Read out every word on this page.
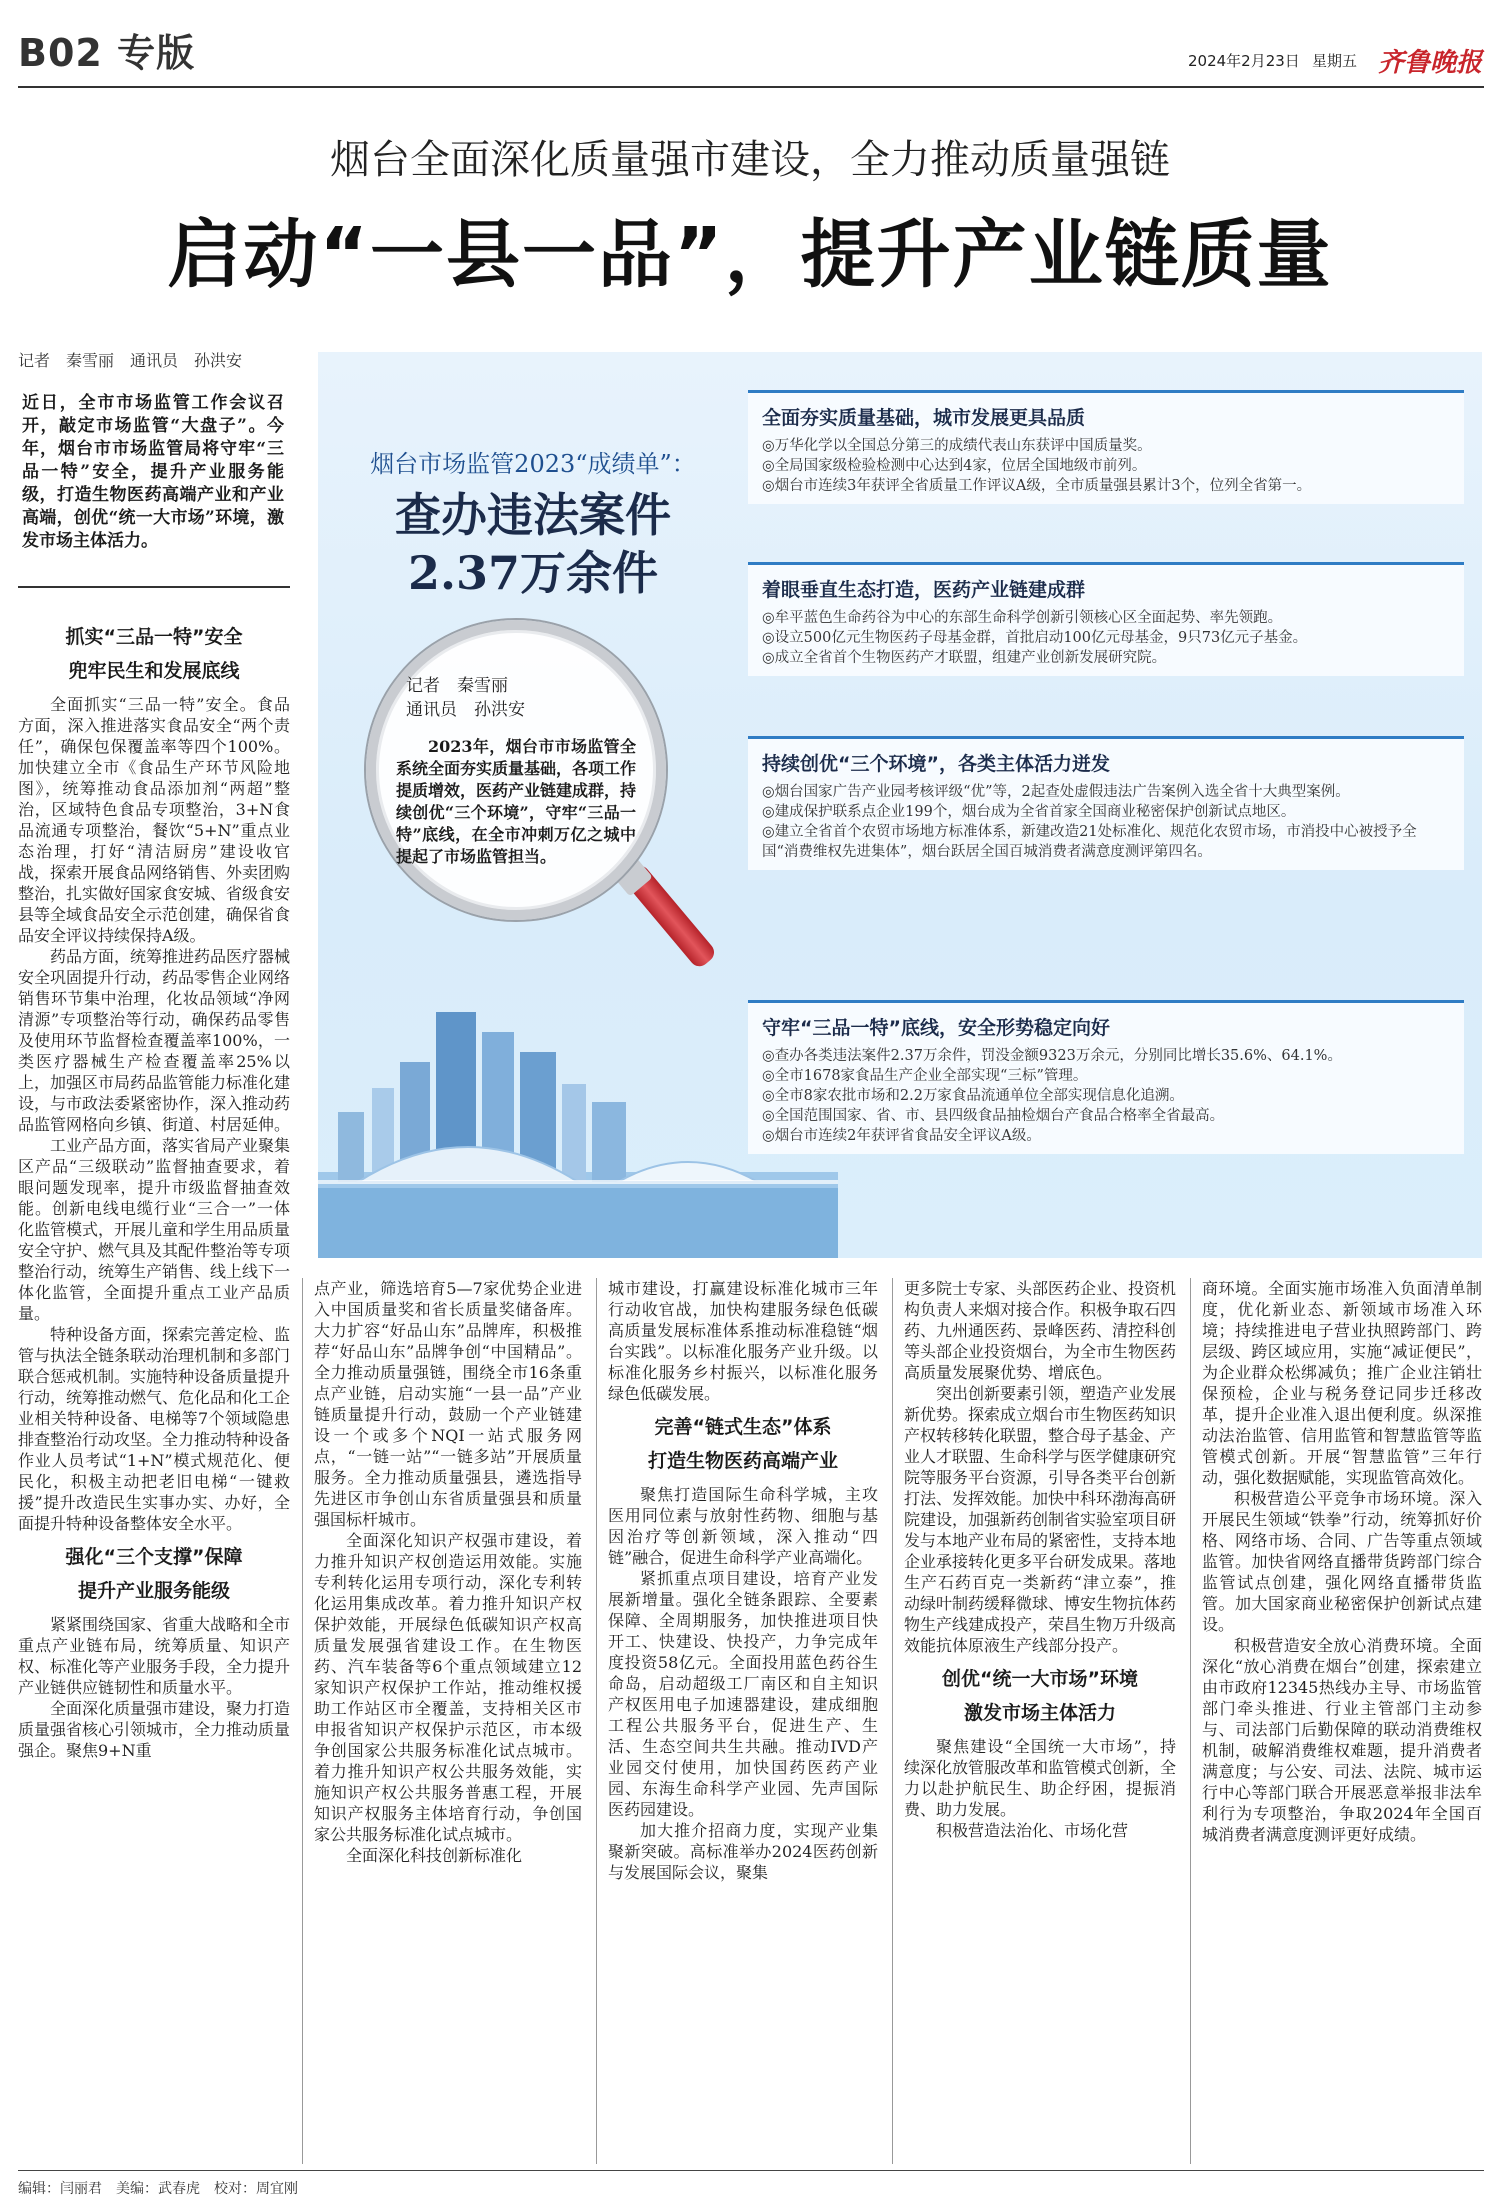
B02 专版	2024年2月23日 星期五 齐鲁晚报
烟台全面深化质量强市建设，全力推动质量强链
启动“一县一品”，提升产业链质量
记者　秦雪丽　通讯员　孙洪安
近日，全市市场监管工作会议召开，敲定市场监管“大盘子”。今年，烟台市市场监管局将守牢“三品一特”安全，提升产业服务能级，打造生物医药高端产业和产业高端，创优“统一大市场”环境，激发市场主体活力。
抓实“三品一特”安全
兜牢民生和发展底线

全面抓实“三品一特”安全。食品方面，深入推进落实食品安全“两个责任”，确保包保覆盖率等四个100%。加快建立全市《食品生产环节风险地图》，统筹推动食品添加剂“两超”整治，区域特色食品专项整治，3+N食品流通专项整治，餐饮“5+N”重点业态治理，打好“清洁厨房”建设收官战，探索开展食品网络销售、外卖团购整治，扎实做好国家食安城、省级食安县等全域食品安全示范创建，确保省食品安全评议持续保持A级。

药品方面，统筹推进药品医疗器械安全巩固提升行动，药品零售企业网络销售环节集中治理，化妆品领域“净网清源”专项整治等行动，确保药品零售及使用环节监督检查覆盖率100%，一类医疗器械生产检查覆盖率25%以上，加强区市局药品监管能力标准化建设，与市政法委紧密协作，深入推动药品监管网格向乡镇、街道、村居延伸。

工业产品方面，落实省局产业聚集区产品“三级联动”监督抽查要求，着眼问题发现率，提升市级监督抽查效能。创新电线电缆行业“三合一”一体化监管模式，开展儿童和学生用品质量安全守护、燃气具及其配件整治等专项整治行动，统筹生产销售、线上线下一体化监管，全面提升重点工业产品质量。

特种设备方面，探索完善定检、监管与执法全链条联动治理机制和多部门联合惩戒机制。实施特种设备质量提升行动，统筹推动燃气、危化品和化工企业相关特种设备、电梯等7个领域隐患排查整治行动攻坚。全力推动特种设备作业人员考试“1+N”模式规范化、便民化，积极主动把老旧电梯“一键救援”提升改造民生实事办实、办好，全面提升特种设备整体安全水平。

强化“三个支撑”保障
提升产业服务能级

紧紧围绕国家、省重大战略和全市重点产业链布局，统筹质量、知识产权、标准化等产业服务手段，全力提升产业链供应链韧性和质量水平。

全面深化质量强市建设，聚力打造质量强省核心引领城市，全力推动质量强企。聚焦9+N重

烟台市场监管2023“成绩单”：
查办违法案件
2.37万余件
记者　秦雪丽
通讯员　孙洪安
2023年，烟台市市场监管全系统全面夯实质量基础，各项工作提质增效，医药产业链建成群，持续创优“三个环境”，守牢“三品一特”底线，在全市冲刺万亿之城中提起了市场监管担当。
全面夯实质量基础，城市发展更具品质
◎万华化学以全国总分第三的成绩代表山东获评中国质量奖。
◎全局国家级检验检测中心达到4家，位居全国地级市前列。
◎烟台市连续3年获评全省质量工作评议A级，全市质量强县累计3个，位列全省第一。
着眼垂直生态打造，医药产业链建成群
◎牟平蓝色生命药谷为中心的东部生命科学创新引领核心区全面起势、率先领跑。
◎设立500亿元生物医药子母基金群，首批启动100亿元母基金，9只73亿元子基金。
◎成立全省首个生物医药产才联盟，组建产业创新发展研究院。
持续创优“三个环境”，各类主体活力迸发
◎烟台国家广告产业园考核评级“优”等，2起查处虚假违法广告案例入选全省十大典型案例。
◎建成保护联系点企业199个，烟台成为全省首家全国商业秘密保护创新试点地区。
◎建立全省首个农贸市场地方标准体系，新建改造21处标准化、规范化农贸市场，市消投中心被授予全国“消费维权先进集体”，烟台跃居全国百城消费者满意度测评第四名。
守牢“三品一特”底线，安全形势稳定向好
◎查办各类违法案件2.37万余件，罚没金额9323万余元，分别同比增长35.6%、64.1%。
◎全市1678家食品生产企业全部实现“三标”管理。
◎全市8家农批市场和2.2万家食品流通单位全部实现信息化追溯。
◎全国范围国家、省、市、县四级食品抽检烟台产食品合格率全省最高。
◎烟台市连续2年获评省食品安全评议A级。

点产业，筛选培育5—7家优势企业进入中国质量奖和省长质量奖储备库。大力扩容“好品山东”品牌库，积极推荐“好品山东”品牌争创“中国精品”。全力推动质量强链，围绕全市16条重点产业链，启动实施“一县一品”产业链质量提升行动，鼓励一个产业链建设一个或多个NQI一站式服务网点，“一链一站”“一链多站”开展质量服务。全力推动质量强县，遴选指导先进区市争创山东省质量强县和质量强国标杆城市。

全面深化知识产权强市建设，着力推升知识产权创造运用效能。实施专利转化运用专项行动，深化专利转化运用集成改革。着力推升知识产权保护效能，开展绿色低碳知识产权高质量发展强省建设工作。在生物医药、汽车装备等6个重点领域建立12家知识产权保护工作站，推动维权援助工作站区市全覆盖，支持相关区市申报省知识产权保护示范区，市本级争创国家公共服务标准化试点城市。着力推升知识产权公共服务效能，实施知识产权公共服务普惠工程，开展知识产权服务主体培育行动，争创国家公共服务标准化试点城市。

全面深化科技创新标准化

城市建设，打赢建设标准化城市三年行动收官战，加快构建服务绿色低碳高质量发展标准体系推动标准稳链“烟台实践”。以标准化服务产业升级。以标准化服务乡村振兴，以标准化服务绿色低碳发展。

完善“链式生态”体系
打造生物医药高端产业

聚焦打造国际生命科学城，主攻医用同位素与放射性药物、细胞与基因治疗等创新领域，深入推动“四链”融合，促进生命科学产业高端化。

紧抓重点项目建设，培育产业发展新增量。强化全链条跟踪、全要素保障、全周期服务，加快推进项目快开工、快建设、快投产，力争完成年度投资58亿元。全面投用蓝色药谷生命岛，启动超级工厂南区和自主知识产权医用电子加速器建设，建成细胞工程公共服务平台，促进生产、生活、生态空间共生共融。推动IVD产业园交付使用，加快国药医药产业园、东海生命科学产业园、先声国际医药园建设。

加大推介招商力度，实现产业集聚新突破。高标准举办2024医药创新与发展国际会议，聚集

更多院士专家、头部医药企业、投资机构负责人来烟对接合作。积极争取石四药、九州通医药、景峰医药、清控科创等头部企业投资烟台，为全市生物医药高质量发展聚优势、增底色。

突出创新要素引领，塑造产业发展新优势。探索成立烟台市生物医药知识产权转移转化联盟，整合母子基金、产业人才联盟、生命科学与医学健康研究院等服务平台资源，引导各类平台创新打法、发挥效能。加快中科环渤海高研院建设，加强新药创制省实验室项目研发与本地产业布局的紧密性，支持本地企业承接转化更多平台研发成果。落地生产石药百克一类新药“津立泰”，推动绿叶制药缓释微球、博安生物抗体药物生产线建成投产，荣昌生物万升级高效能抗体原液生产线部分投产。

创优“统一大市场”环境
激发市场主体活力

聚焦建设“全国统一大市场”，持续深化放管服改革和监管模式创新，全力以赴护航民生、助企纾困，提振消费、助力发展。

积极营造法治化、市场化营

商环境。全面实施市场准入负面清单制度，优化新业态、新领域市场准入环境；持续推进电子营业执照跨部门、跨层级、跨区域应用，实施“减证便民”，为企业群众松绑减负；推广企业注销壮保预检，企业与税务登记同步迁移改革，提升企业准入退出便利度。纵深推动法治监管、信用监管和智慧监管等监管模式创新。开展“智慧监管”三年行动，强化数据赋能，实现监管高效化。

积极营造公平竞争市场环境。深入开展民生领域“铁拳”行动，统筹抓好价格、网络市场、合同、广告等重点领域监管。加快省网络直播带货跨部门综合监管试点创建，强化网络直播带货监管。加大国家商业秘密保护创新试点建设。

积极营造安全放心消费环境。全面深化“放心消费在烟台”创建，探索建立由市政府12345热线办主导、市场监管部门牵头推进、行业主管部门主动参与、司法部门后勤保障的联动消费维权机制，破解消费维权难题，提升消费者满意度；与公安、司法、法院、城市运行中心等部门联合开展恶意举报非法牟利行为专项整治，争取2024年全国百城消费者满意度测评更好成绩。

编辑：闫丽君　美编：武春虎　校对：周宜刚
